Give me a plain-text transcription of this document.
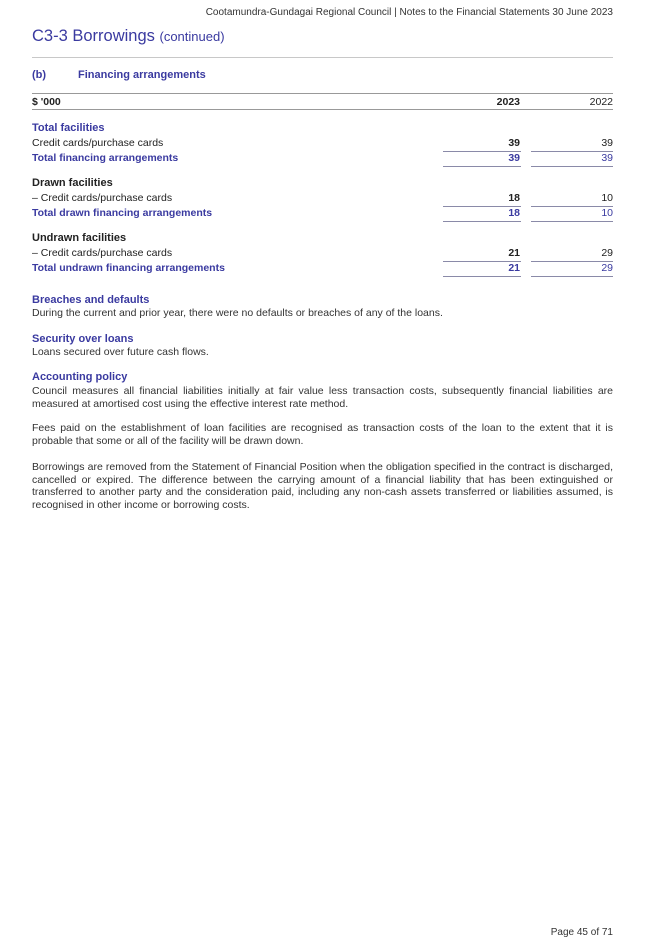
Cootamundra-Gundagai Regional Council | Notes to the Financial Statements 30 June 2023
C3-3 Borrowings (continued)
(b)	Financing arrangements
$ '000	2023	2022
Total facilities
Credit cards/purchase cards	39	39
Total financing arrangements	39	39
Drawn facilities
– Credit cards/purchase cards	18	10
Total drawn financing arrangements	18	10
Undrawn facilities
– Credit cards/purchase cards	21	29
Total undrawn financing arrangements	21	29
Breaches and defaults
During the current and prior year, there were no defaults or breaches of any of the loans.
Security over loans
Loans secured over future cash flows.
Accounting policy
Council measures all financial liabilities initially at fair value less transaction costs, subsequently financial liabilities are measured at amortised cost using the effective interest rate method.
Fees paid on the establishment of loan facilities are recognised as transaction costs of the loan to the extent that it is probable that some or all of the facility will be drawn down.
Borrowings are removed from the Statement of Financial Position when the obligation specified in the contract is discharged, cancelled or expired. The difference between the carrying amount of a financial liability that has been extinguished or transferred to another party and the consideration paid, including any non-cash assets transferred or liabilities assumed, is recognised in other income or borrowing costs.
Page 45 of 71
